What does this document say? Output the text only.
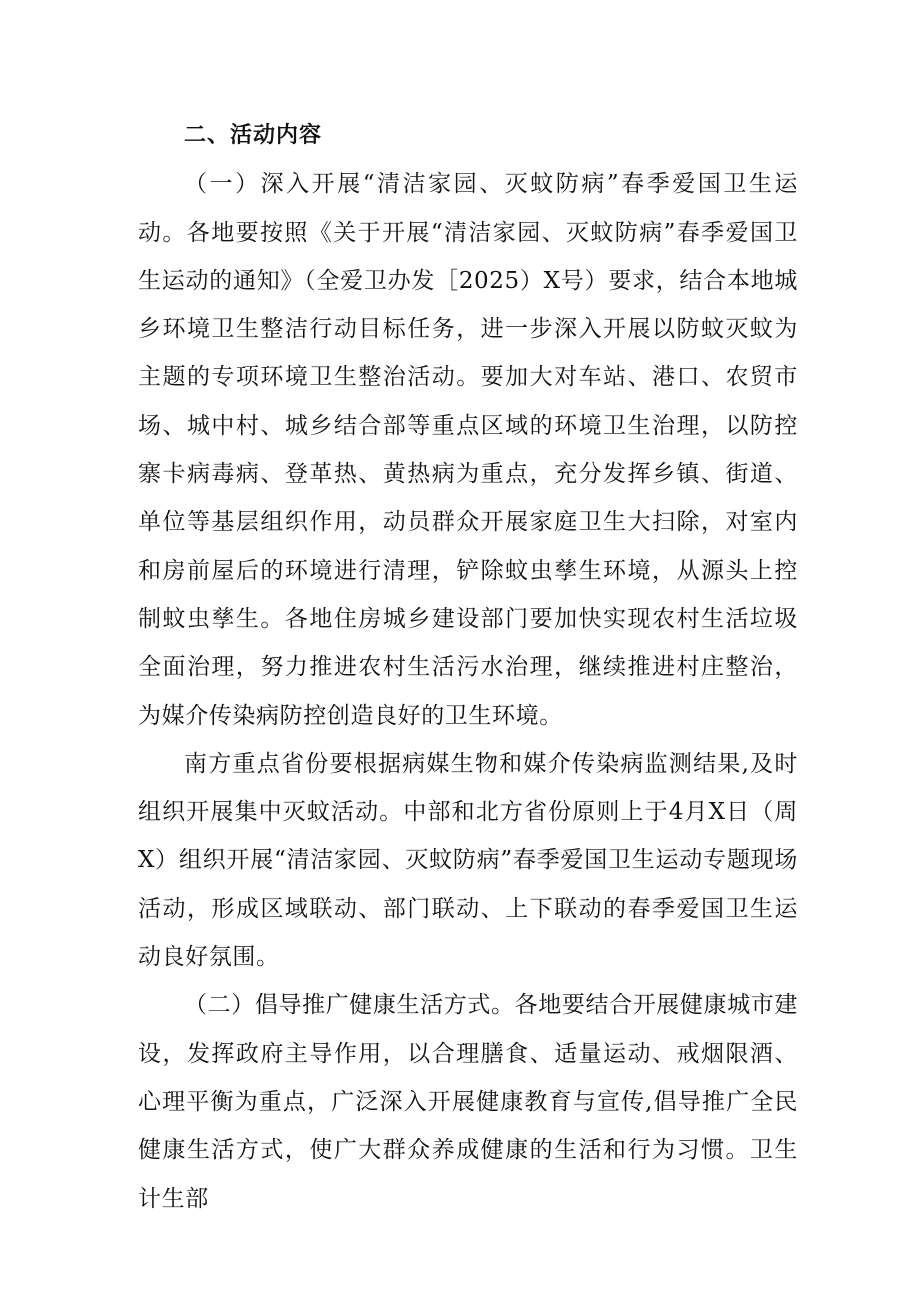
二、活动内容

（一）深入开展“清洁家园、灭蚊防病”春季爱国卫生运动。各地要按照《关于开展“清洁家园、灭蚊防病”春季爱国卫生运动的通知》（全爱卫办发［2025）X号）要求，结合本地城乡环境卫生整洁行动目标任务，进一步深入开展以防蚊灭蚊为主题的专项环境卫生整治活动。要加大对车站、港口、农贸市场、城中村、城乡结合部等重点区域的环境卫生治理，以防控寨卡病毒病、登革热、黄热病为重点，充分发挥乡镇、街道、单位等基层组织作用，动员群众开展家庭卫生大扫除，对室内和房前屋后的环境进行清理，铲除蚊虫孳生环境，从源头上控制蚊虫孳生。各地住房城乡建设部门要加快实现农村生活垃圾全面治理，努力推进农村生活污水治理，继续推进村庄整治，为媒介传染病防控创造良好的卫生环境。

南方重点省份要根据病媒生物和媒介传染病监测结果,及时组织开展集中灭蚊活动。中部和北方省份原则上于4月X日（周X）组织开展“清洁家园、灭蚊防病”春季爱国卫生运动专题现场活动，形成区域联动、部门联动、上下联动的春季爱国卫生运动良好氛围。

（二）倡导推广健康生活方式。各地要结合开展健康城市建设，发挥政府主导作用，以合理膳食、适量运动、戒烟限酒、心理平衡为重点，广泛深入开展健康教育与宣传,倡导推广全民健康生活方式，使广大群众养成健康的生活和行为习惯。卫生计生部
